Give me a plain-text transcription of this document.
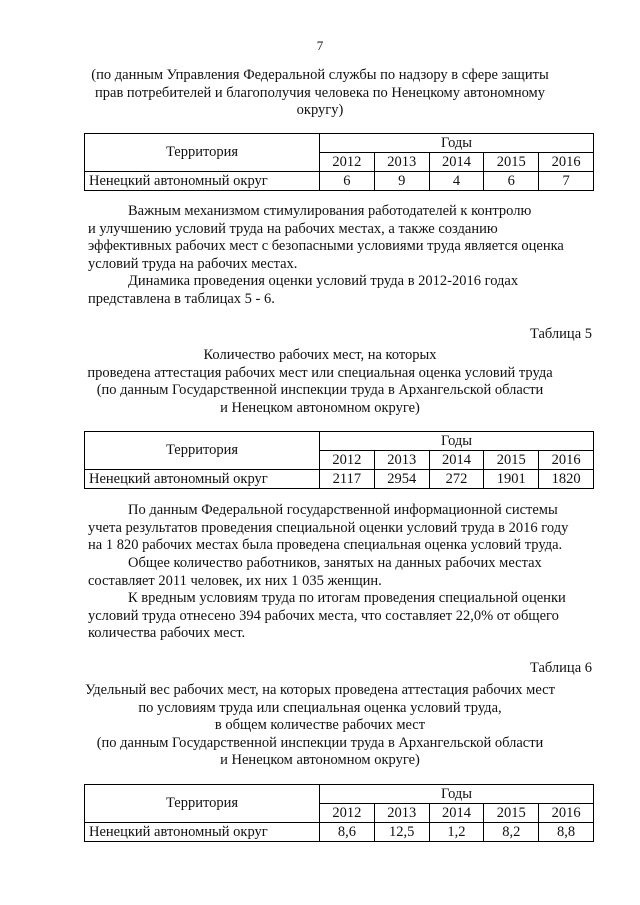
7
(по данным Управления Федеральной службы по надзору в сфере защиты
прав потребителей и благополучия человека по Ненецкому автономному
округу)
Территория	Годы				
	2012	2013	2014	2015	2016
Ненецкий автономный округ	6	9	4	6	7
Важным механизмом стимулирования работодателей к контролю
и улучшению условий труда на рабочих местах, а также созданию
эффективных рабочих мест с безопасными условиями труда является оценка
условий труда на рабочих местах.
Динамика проведения оценки условий труда в 2012-2016 годах
представлена в таблицах 5 - 6.
Таблица 5
Количество рабочих мест, на которых
проведена аттестация рабочих мест или специальная оценка условий труда
(по данным Государственной инспекции труда в Архангельской области
и Ненецком автономном округе)
Территория	Годы				
	2012	2013	2014	2015	2016
Ненецкий автономный округ	2117	2954	272	1901	1820
По данным Федеральной государственной информационной системы
учета результатов проведения специальной оценки условий труда в 2016 году
на 1 820 рабочих местах была проведена специальная оценка условий труда.
Общее количество работников, занятых на данных рабочих местах
составляет 2011 человек, их них 1 035 женщин.
К вредным условиям труда по итогам проведения специальной оценки
условий труда отнесено 394 рабочих места, что составляет 22,0% от общего
количества рабочих мест.
Таблица 6
Удельный вес рабочих мест, на которых проведена аттестация рабочих мест
по условиям труда или специальная оценка условий труда,
в общем количестве рабочих мест
(по данным Государственной инспекции труда в Архангельской области
и Ненецком автономном округе)
Территория	Годы				
	2012	2013	2014	2015	2016
Ненецкий автономный округ	8,6	12,5	1,2	8,2	8,8
